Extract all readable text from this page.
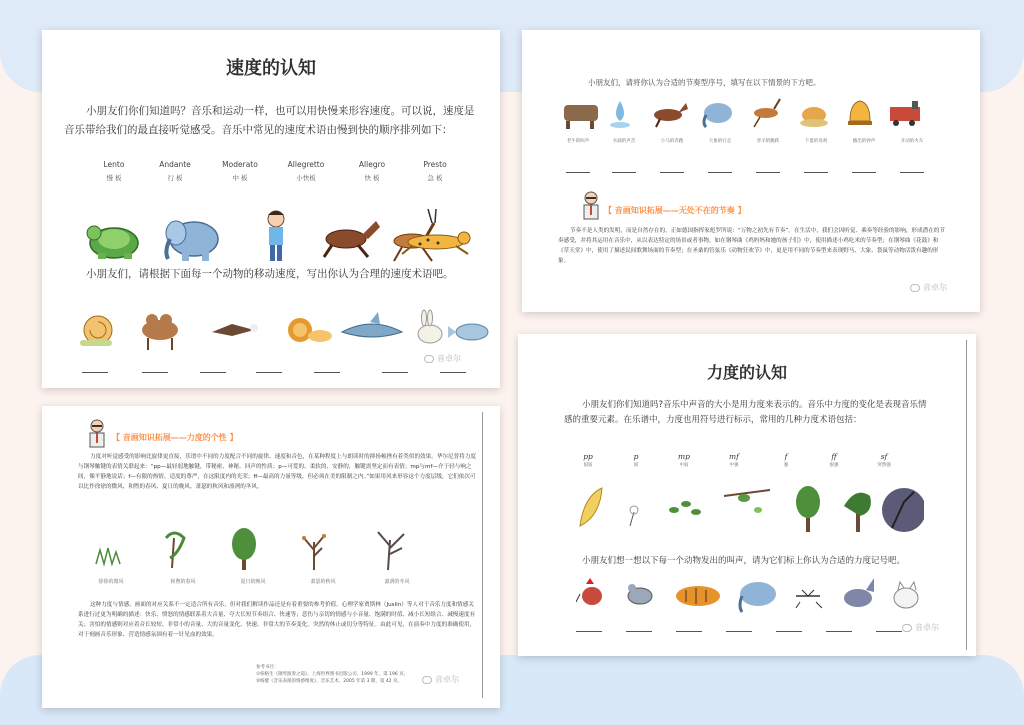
速度的认知
小朋友们你们知道吗？音乐和运动一样，也可以用快慢来形容速度。可以说，速度是音乐带给我们的最直接听觉感受。音乐中常见的速度术语由慢到快的顺序排列如下：
Lento
慢 板
Andante
行 板
Moderato
中 板
Allegretto
小快板
Allegro
快 板
Presto
急 板
小朋友们，请根据下面每一个动物的移动速度，写出你认为合理的速度术语吧。
音卓尔
小朋友们，请将你认为合适的节奏型序号，填写在以下情景的下方吧。
老牛的叫声	水滴的声音	小马的奔跑	大象的行走	奔羊的跳跃	下蛋的母鸡	播出的钟声	开动的火车
【 音画知识拓展——无处不在的节奏 】
节奏不是人类的发明，而是自然存在的。正如德国指挥家彪罗所说：“万物之初先有节奏”。在生活中，我们会因听觉、乘奏等经验的影响，形成潜在的节奏感受，并将其运用在音乐中，从以表达特定的场景或者事物。如在钢琴曲《鸡妈妈和她的孩子们》中，使用描述小鸡吃米的节奏型；在钢琴曲《花鼓》和《草天堂》中，使用了描述民间歌舞场面的节奏型；在圣桑的管弦乐《动物狂欢节》中，更是用不同的节奏型来表现野马、大象、袋鼠等动物活泼有趣的形象。
音卓尔
【 音画知识拓展——力度的个性 】
力度对听觉感受的影响比旋律更直接，乐谱中不同的力度配合不同的旋律、速度和音色，在某种程度上与朗读时的抑扬顿挫有着类似的效果。华尔尼普将力度与钢琴触键的表情关联起来：“pp—最轻弱地触键，带秘密、神秘、回声的性质；p—可爱的、柔软的、安静的，触键需坚定而有表情；mp与mf—介于轻与响之间，像平静地说话；f—有限的热情、适度的尊严，在这限度内的光荣；ff—最高的力量等级，但必须在美的限制之内。”如果用风来形容这个力度层级，它们依次可以比作徐徐的微风、和煦的春风、夏日的晚风、萧瑟的秋风和凛冽的冬风。
徐徐的微风	和煦的春风	夏日的晚风	萧瑟的秋风	凛冽的冬风
这种力度与情感、画面的对应关系不一定适合所有音乐，但对我们解读作品还是有着重要的参考价值。心理学家贾斯林（Juslin）等人对于音乐力度和情感关系进行过更为明确的描述：快乐、愤怒的情感联系着大音量、夸大长短节奏组合、快速等；悲伤与亲切的情感与小音量、饱满的时值、减小长短组合、减慢速度有关；害怕的情感则对应着音长较短、非常小的音量、大的音量变化、快速、非常大的节奏变化。突然的休止或切分等特征。由此可见，在演奏中力度的准确使用，对于刻画音乐形象、营造情感氛围有着一针见血的效果。
参考书目：
①柏格生《钢琴演奏之道》，上海世界图书出版公司，1999 年，第 196 页。
②杨健《音乐表演的情感维度》，音乐艺术，2005 年第 3 期，第 42 页。	音卓尔
力度的认知
小朋友们你们知道吗?音乐中声音的大小是用力度来表示的。音乐中力度的变化是表现音乐情感的重要元素。在乐谱中，力度也用符号进行标示，常用的几种力度术语包括：
pp
很弱
p
弱
mp
中弱
mf
中强
f
强
ff
很强
sf
突然强
小朋友们想一想以下每一个动物发出的叫声，请为它们标上你认为合适的力度记号吧。
音卓尔
